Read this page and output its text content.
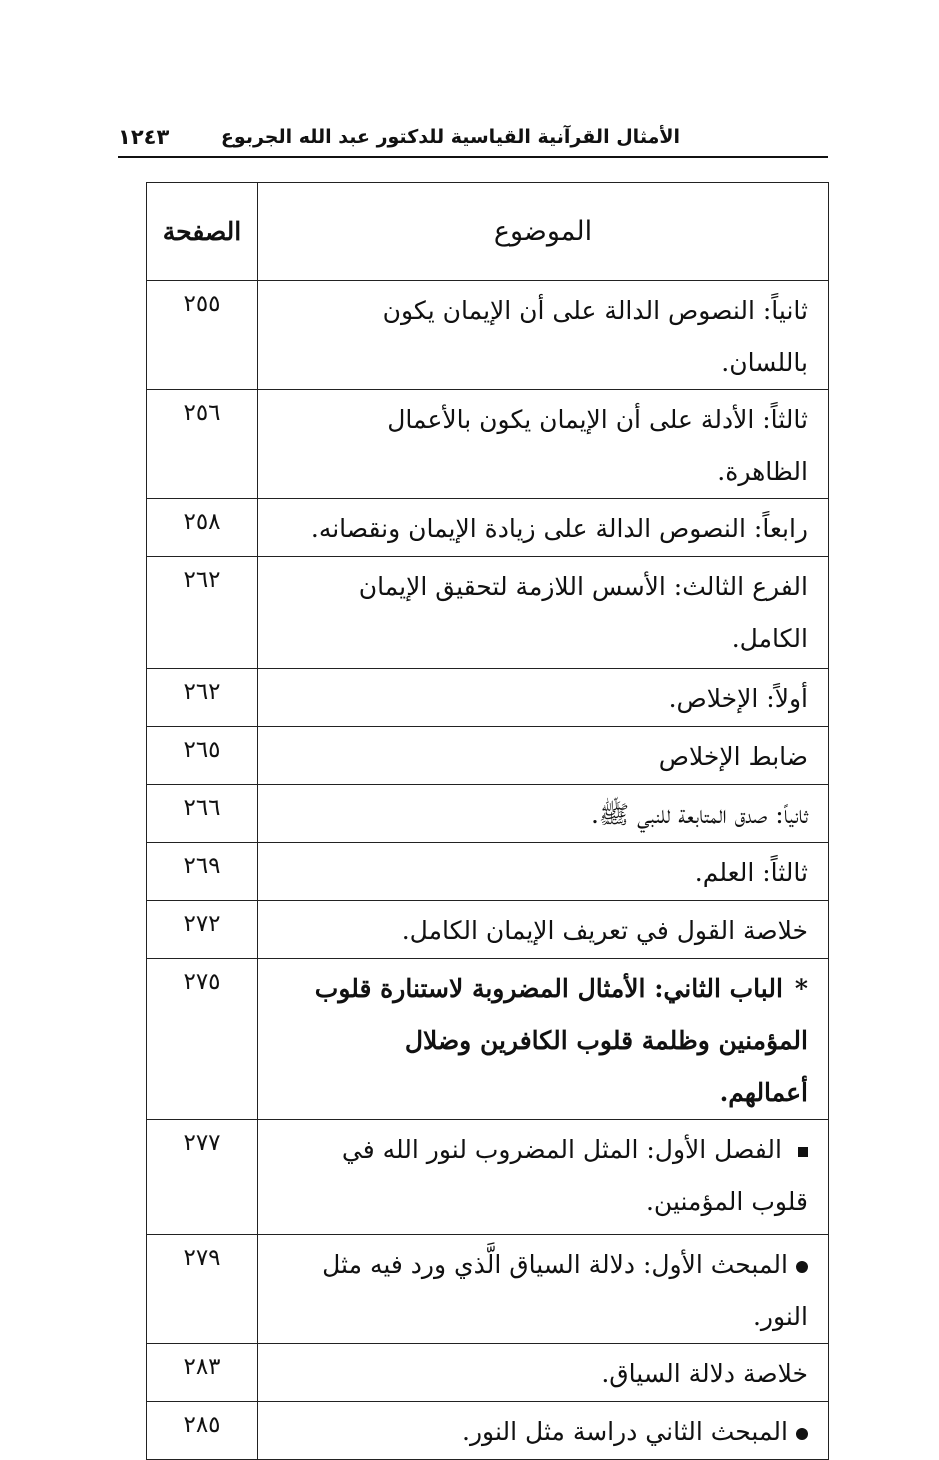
الأمثال القرآنية القياسية للدكتور عبد الله الجربوع
١٢٤٣
الموضوع	الصفحة
ثانياً: النصوص الدالة على أن الإيمان يكون باللسان.	٢٥٥
ثالثاً: الأدلة على أن الإيمان يكون بالأعمال الظاهرة.	٢٥٦
رابعاً: النصوص الدالة على زيادة الإيمان ونقصانه.	٢٥٨
الفرع الثالث: الأسس اللازمة لتحقيق الإيمان الكامل.	٢٦٢
أولاً: الإخلاص.	٢٦٢
ضابط الإخلاص	٢٦٥
ثانياً: صدق المتابعة للنبي ﷺ.	٢٦٦
ثالثاً: العلم.	٢٦٩
خلاصة القول في تعريف الإيمان الكامل.	٢٧٢
*الباب الثاني: الأمثال المضروبة لاستنارة قلوب المؤمنين وظلمة قلوب الكافرين وضلال أعمالهم.	٢٧٥
الفصل الأول: المثل المضروب لنور الله في قلوب المؤمنين.	٢٧٧
المبحث الأول: دلالة السياق الَّذي ورد فيه مثل النور.	٢٧٩
خلاصة دلالة السياق.	٢٨٣
المبحث الثاني دراسة مثل النور.	٢٨٥
